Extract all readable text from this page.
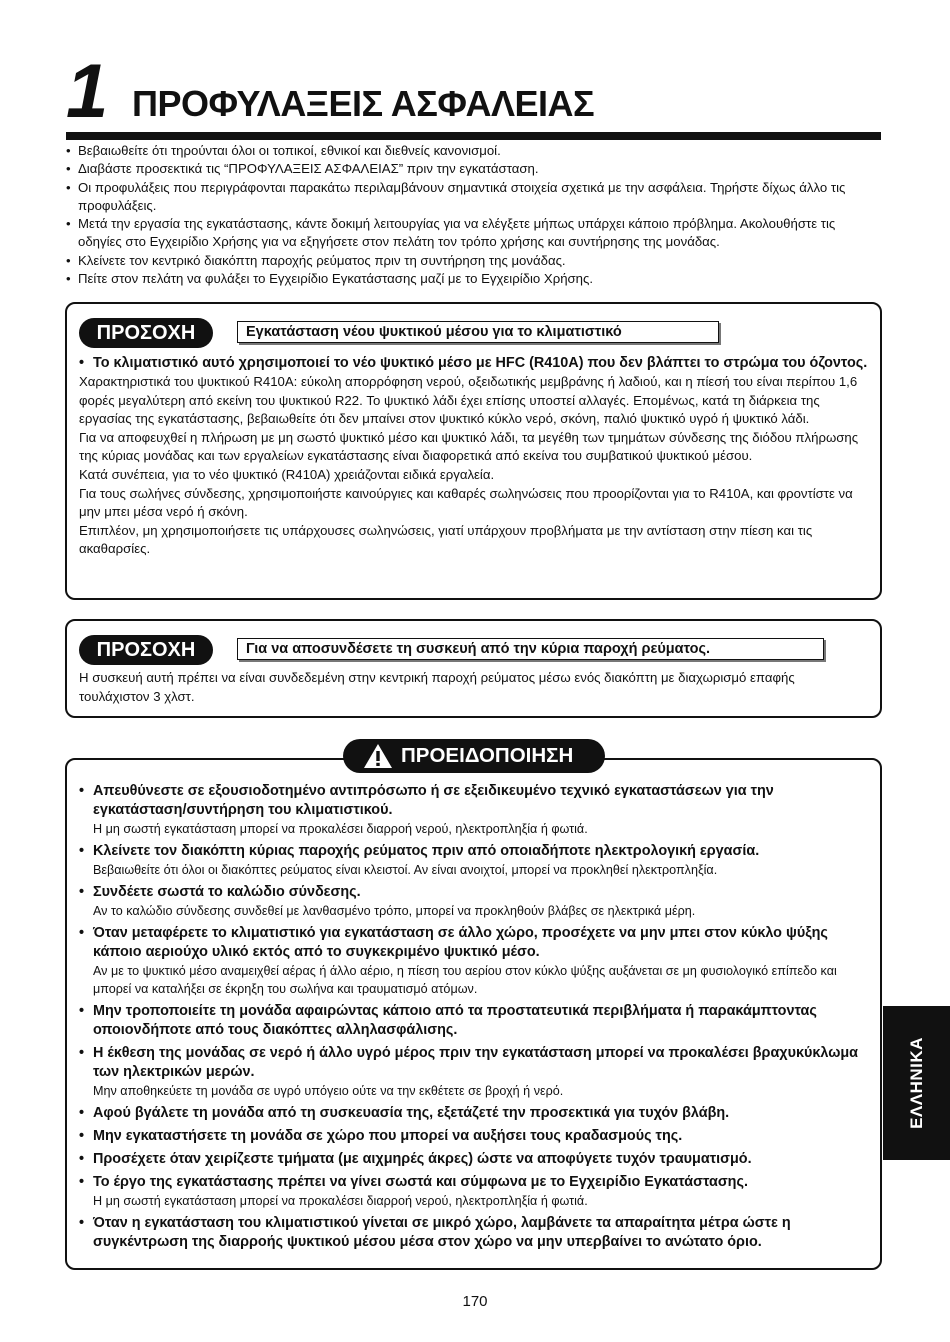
1 ΠΡΟΦΥΛΑΞΕΙΣ ΑΣΦΑΛΕΙΑΣ
• Βεβαιωθείτε ότι τηρούνται όλοι οι τοπικοί, εθνικοί και διεθνείς κανονισμοί.
• Διαβάστε προσεκτικά τις “ΠΡΟΦΥΛΑΞΕΙΣ ΑΣΦΑΛΕΙΑΣ” πριν την εγκατάσταση.
• Οι προφυλάξεις που περιγράφονται παρακάτω περιλαμβάνουν σημαντικά στοιχεία σχετικά με την ασφάλεια. Τηρήστε δίχως άλλο τις προφυλάξεις.
• Μετά την εργασία της εγκατάστασης, κάντε δοκιμή λειτουργίας για να ελέγξετε μήπως υπάρχει κάποιο πρόβλημα. Ακολουθήστε τις οδηγίες στο Εγχειρίδιο Χρήσης για να εξηγήσετε στον πελάτη τον τρόπο χρήσης και συντήρησης της μονάδας.
• Κλείνετε τον κεντρικό διακόπτη παροχής ρεύματος πριν τη συντήρηση της μονάδας.
• Πείτε στον πελάτη να φυλάξει το Εγχειρίδιο Εγκατάστασης μαζί με το Εγχειρίδιο Χρήσης.
ΠΡΟΣΟΧΗ	Εγκατάσταση νέου ψυκτικού μέσου για το κλιματιστικό

• Το κλιματιστικό αυτό χρησιμοποιεί το νέο ψυκτικό μέσο με HFC (R410A) που δεν βλάπτει το στρώμα του όζοντος.

Χαρακτηριστικά του ψυκτικού R410A: εύκολη απορρόφηση νερού, οξειδωτικής μεμβράνης ή λαδιού, και η πίεσή του είναι περίπου 1,6 φορές μεγαλύτερη από εκείνη του ψυκτικού R22. Το ψυκτικό λάδι έχει επίσης υποστεί αλλαγές. Επομένως, κατά τη διάρκεια της εργασίας της εγκατάστασης, βεβαιωθείτε ότι δεν μπαίνει στον ψυκτικό κύκλο νερό, σκόνη, παλιό ψυκτικό υγρό ή ψυκτικό λάδι.

Για να αποφευχθεί η πλήρωση με μη σωστό ψυκτικό μέσο και ψυκτικό λάδι, τα μεγέθη των τμημάτων σύνδεσης της διόδου πλήρωσης της κύριας μονάδας και των εργαλείων εγκατάστασης είναι διαφορετικά από εκείνα του συμβατικού ψυκτικού μέσου.

Κατά συνέπεια, για το νέο ψυκτικό (R410A) χρειάζονται ειδικά εργαλεία.

Για τους σωλήνες σύνδεσης, χρησιμοποιήστε καινούργιες και καθαρές σωληνώσεις που προορίζονται για το R410A, και φροντίστε να μην μπει μέσα νερό ή σκόνη.

Επιπλέον, μη χρησιμοποιήσετε τις υπάρχουσες σωληνώσεις, γιατί υπάρχουν προβλήματα με την αντίσταση στην πίεση και τις ακαθαρσίες.

ΠΡΟΣΟΧΗ	Για να αποσυνδέσετε τη συσκευή από την κύρια παροχή ρεύματος.

Η συσκευή αυτή πρέπει να είναι συνδεδεμένη στην κεντρική παροχή ρεύματος μέσω ενός διακόπτη με διαχωρισμό επαφής τουλάχιστον 3 χλστ.

ΠΡΟΕΙΔΟΠΟΙΗΣΗ
• Απευθύνεστε σε εξουσιοδοτημένο αντιπρόσωπο ή σε εξειδικευμένο τεχνικό εγκαταστάσεων για την εγκατάσταση/συντήρηση του κλιματιστικού.
Η μη σωστή εγκατάσταση μπορεί να προκαλέσει διαρροή νερού, ηλεκτροπληξία ή φωτιά.
• Κλείνετε τον διακόπτη κύριας παροχής ρεύματος πριν από οποιαδήποτε ηλεκτρολογική εργασία.
Βεβαιωθείτε ότι όλοι οι διακόπτες ρεύματος είναι κλειστοί. Αν είναι ανοιχτοί, μπορεί να προκληθεί ηλεκτροπληξία.
• Συνδέετε σωστά το καλώδιο σύνδεσης.
Αν το καλώδιο σύνδεσης συνδεθεί με λανθασμένο τρόπο, μπορεί να προκληθούν βλάβες σε ηλεκτρικά μέρη.
• Όταν μεταφέρετε το κλιματιστικό για εγκατάσταση σε άλλο χώρο, προσέχετε να μην μπει στον κύκλο ψύξης κάποιο αεριούχο υλικό εκτός από το συγκεκριμένο ψυκτικό μέσο.
Αν με το ψυκτικό μέσο αναμειχθεί αέρας ή άλλο αέριο, η πίεση του αερίου στον κύκλο ψύξης αυξάνεται σε μη φυσιολογικό επίπεδο και μπορεί να καταλήξει σε έκρηξη του σωλήνα και τραυματισμό ατόμων.
• Μην τροποποιείτε τη μονάδα αφαιρώντας κάποιο από τα προστατευτικά περιβλήματα ή παρακάμπτοντας οποιονδήποτε από τους διακόπτες αλληλασφάλισης.
• Η έκθεση της μονάδας σε νερό ή άλλο υγρό μέρος πριν την εγκατάσταση μπορεί να προκαλέσει βραχυκύκλωμα των ηλεκτρικών μερών.
Μην αποθηκεύετε τη μονάδα σε υγρό υπόγειο ούτε να την εκθέτετε σε βροχή ή νερό.
• Αφού βγάλετε τη μονάδα από τη συσκευασία της, εξετάζετέ την προσεκτικά για τυχόν βλάβη.
• Μην εγκαταστήσετε τη μονάδα σε χώρο που μπορεί να αυξήσει τους κραδασμούς της.
• Προσέχετε όταν χειρίζεστε τμήματα (με αιχμηρές άκρες) ώστε να αποφύγετε τυχόν τραυματισμό.
• Το έργο της εγκατάστασης πρέπει να γίνει σωστά και σύμφωνα με το Εγχειρίδιο Εγκατάστασης.
Η μη σωστή εγκατάσταση μπορεί να προκαλέσει διαρροή νερού, ηλεκτροπληξία ή φωτιά.
• Όταν η εγκατάσταση του κλιματιστικού γίνεται σε μικρό χώρο, λαμβάνετε τα απαραίτητα μέτρα ώστε η συγκέντρωση της διαρροής ψυκτικού μέσου μέσα στον χώρο να μην υπερβαίνει το ανώτατο όριο.
ΕΛΛΗΝΙΚΑ
170
